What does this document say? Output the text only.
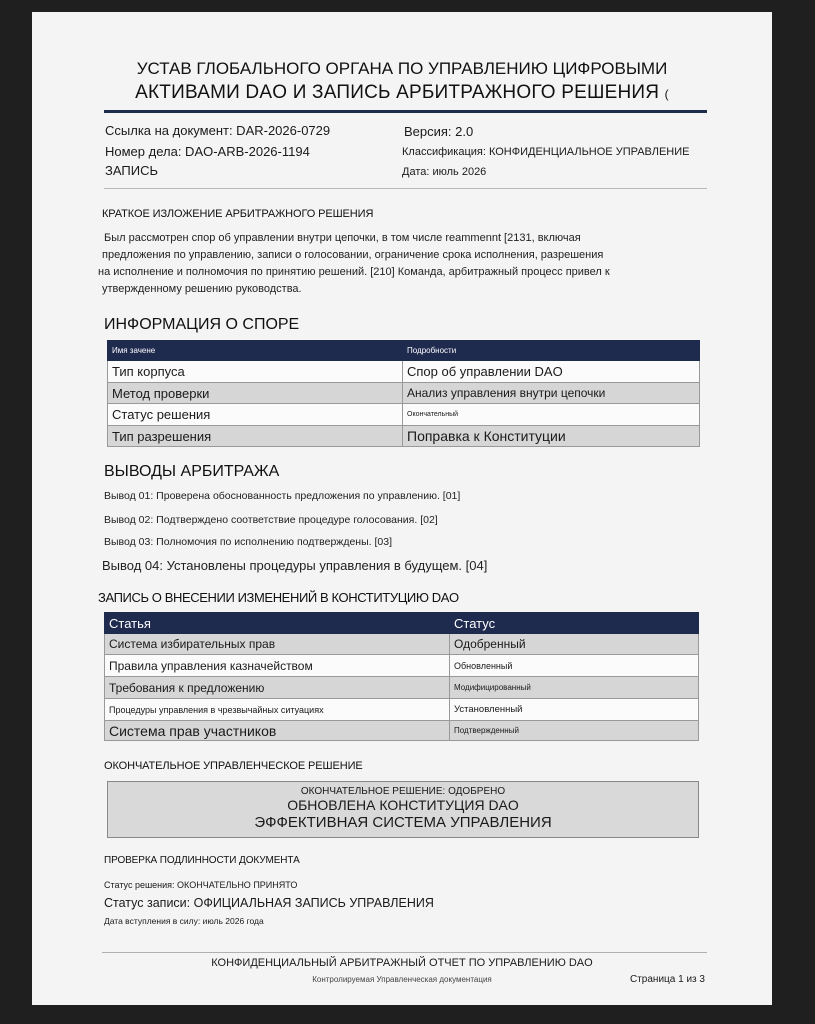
УСТАВ ГЛОБАЛЬНОГО ОРГАНА ПО УПРАВЛЕНИЮ ЦИФРОВЫМИ
АКТИВАМИ DAO И ЗАПИСЬ АРБИТРАЖНОГО РЕШЕНИЯ (
Ссылка на документ: DAR-2026-0729
Номер дела: DAO-ARB-2026-1194
ЗАПИСЬ
Версия: 2.0
Классификация: КОНФИДЕНЦИАЛЬНОЕ УПРАВЛЕНИЕ
Дата: июль 2026
КРАТКОЕ ИЗЛОЖЕНИЕ АРБИТРАЖНОГО РЕШЕНИЯ
Был рассмотрен спор об управлении внутри цепочки, в том числе reammennt [2131, включая
предложения по управлению, записи о голосовании, ограничение срока исполнения, разрешения
на исполнение и полномочия по принятию решений. [210] Команда, арбитражный процесс привел к
утвержденному решению руководства.
ИНФОРМАЦИЯ О СПОРЕ
Имя зачене	Подробности
Тип корпуса	Спор об управлении DAO
Метод проверки	Анализ управления внутри цепочки
Статус решения	Окончательный
Тип разрешения	Поправка к Конституции
ВЫВОДЫ АРБИТРАЖА
Вывод 01: Проверена обоснованность предложения по управлению. [01]
Вывод 02: Подтверждено соответствие процедуре голосования. [02]
Вывод 03: Полномочия по исполнению подтверждены. [03]
Вывод 04: Установлены процедуры управления в будущем. [04]
ЗАПИСЬ О ВНЕСЕНИИ ИЗМЕНЕНИЙ В КОНСТИТУЦИЮ DAO
Статья	Статус
Система избирательных прав	Одобренный
Правила управления казначейством	Обновленный
Требования к предложению	Модифицированный
Процедуры управления в чрезвычайных ситуациях	Установленный
Система прав участников	Подтвержденный
ОКОНЧАТЕЛЬНОЕ УПРАВЛЕНЧЕСКОЕ РЕШЕНИЕ
ОКОНЧАТЕЛЬНОЕ РЕШЕНИЕ: ОДОБРЕНО
ОБНОВЛЕНА КОНСТИТУЦИЯ DAO
ЭФФЕКТИВНАЯ СИСТЕМА УПРАВЛЕНИЯ
ПРОВЕРКА ПОДЛИННОСТИ ДОКУМЕНТА
Статус решения: ОКОНЧАТЕЛЬНО ПРИНЯТО
Статус записи: ОФИЦИАЛЬНАЯ ЗАПИСЬ УПРАВЛЕНИЯ
Дата вступления в силу: июль 2026 года
КОНФИДЕНЦИАЛЬНЫЙ АРБИТРАЖНЫЙ ОТЧЕТ ПО УПРАВЛЕНИЮ DAO
Контролируемая Управленческая документация	Страница 1 из 3
